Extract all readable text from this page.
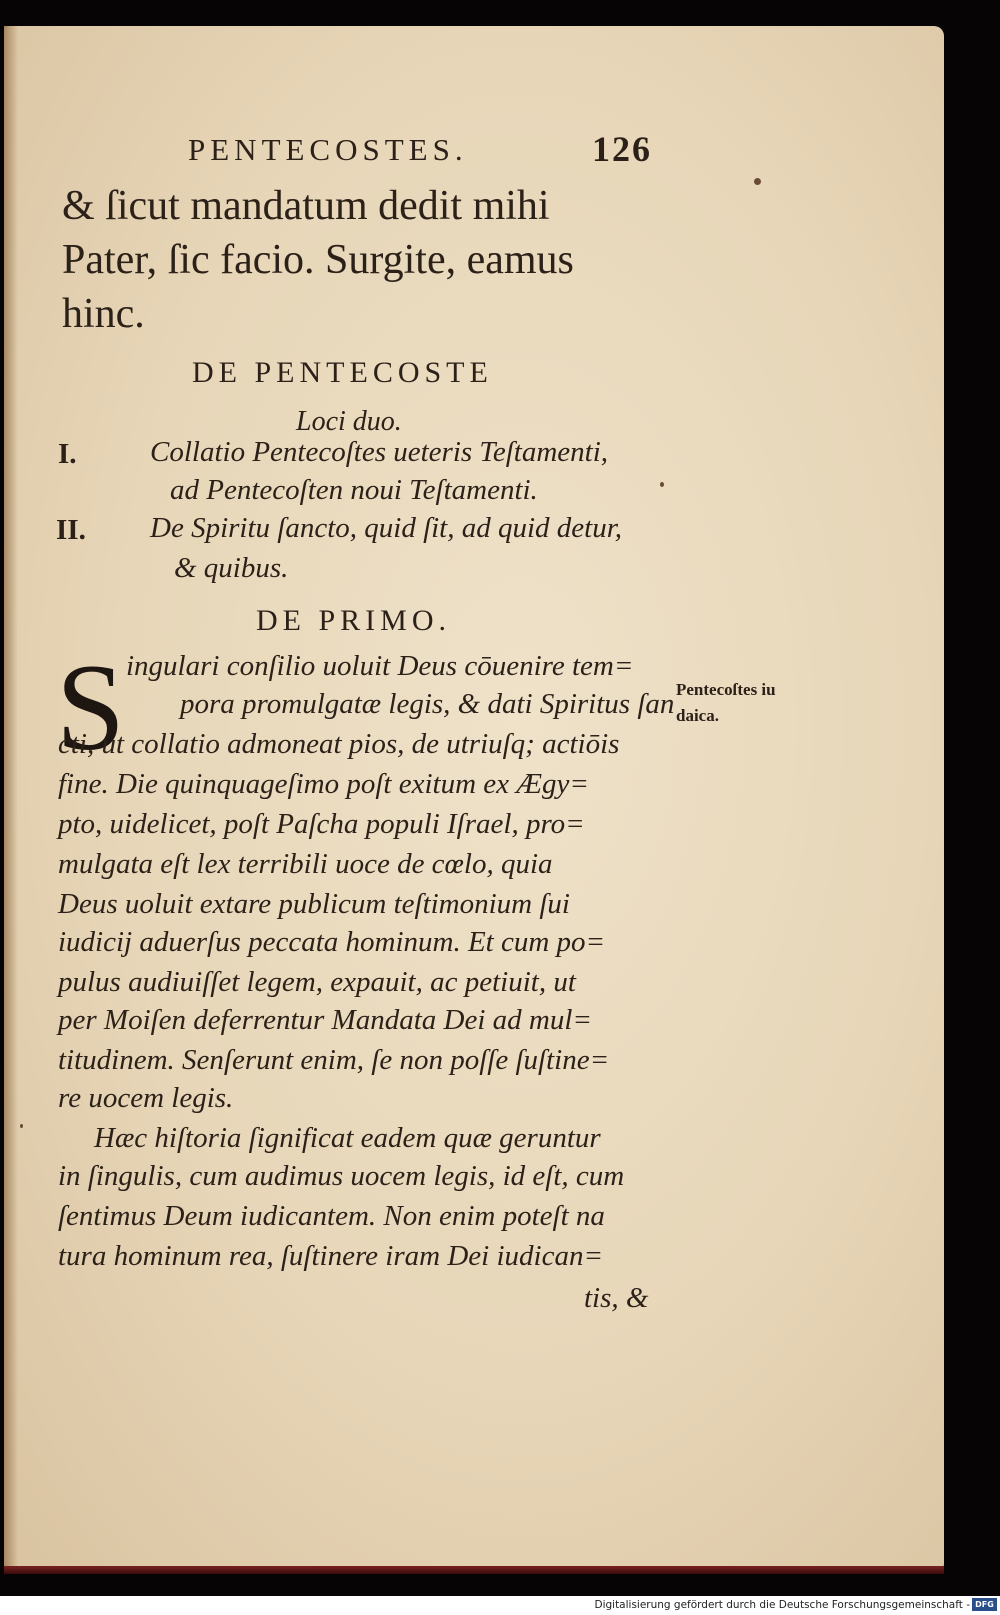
PENTECOSTES.	126
& ſicut mandatum dedit mihi
Pater, ſic facio. Surgite, eamus
hinc.
DE PENTECOSTE
Loci duo.
I.	Collatio Pentecoſtes ueteris Teſtamenti,
ad Pentecoſten noui Teſtamenti.
II. De Spiritu ſancto, quid ſit, ad quid detur,
& quibus.
DE PRIMO.
S ingulari conſilio uoluit Deus cōuenire tem=
pora promulgatæ legis, & dati Spiritus ſan
cti, ut collatio admoneat pios, de utriuſq; actiōis
fine. Die quinquageſimo poſt exitum ex Ægy=
pto, uidelicet, poſt Paſcha populi Iſrael, pro=
mulgata eſt lex terribili uoce de cœlo, quia
Deus uoluit extare publicum teſtimonium ſui
iudicij aduerſus peccata hominum. Et cum po=
pulus audiuiſſet legem, expauit, ac petiuit, ut
per Moiſen deferrentur Mandata Dei ad mul=
titudinem. Senſerunt enim, ſe non poſſe ſuſtine=
re uocem legis.
Hæc hiſtoria ſignificat eadem quæ geruntur
in ſingulis, cum audimus uocem legis, id eſt, cum
ſentimus Deum iudicantem. Non enim poteſt na
tura hominum rea, ſuſtinere iram Dei iudican=
tis, &
Pentecoſtes iu
daica.
Digitalisierung gefördert durch die Deutsche Forschungsgemeinschaft - DFG
